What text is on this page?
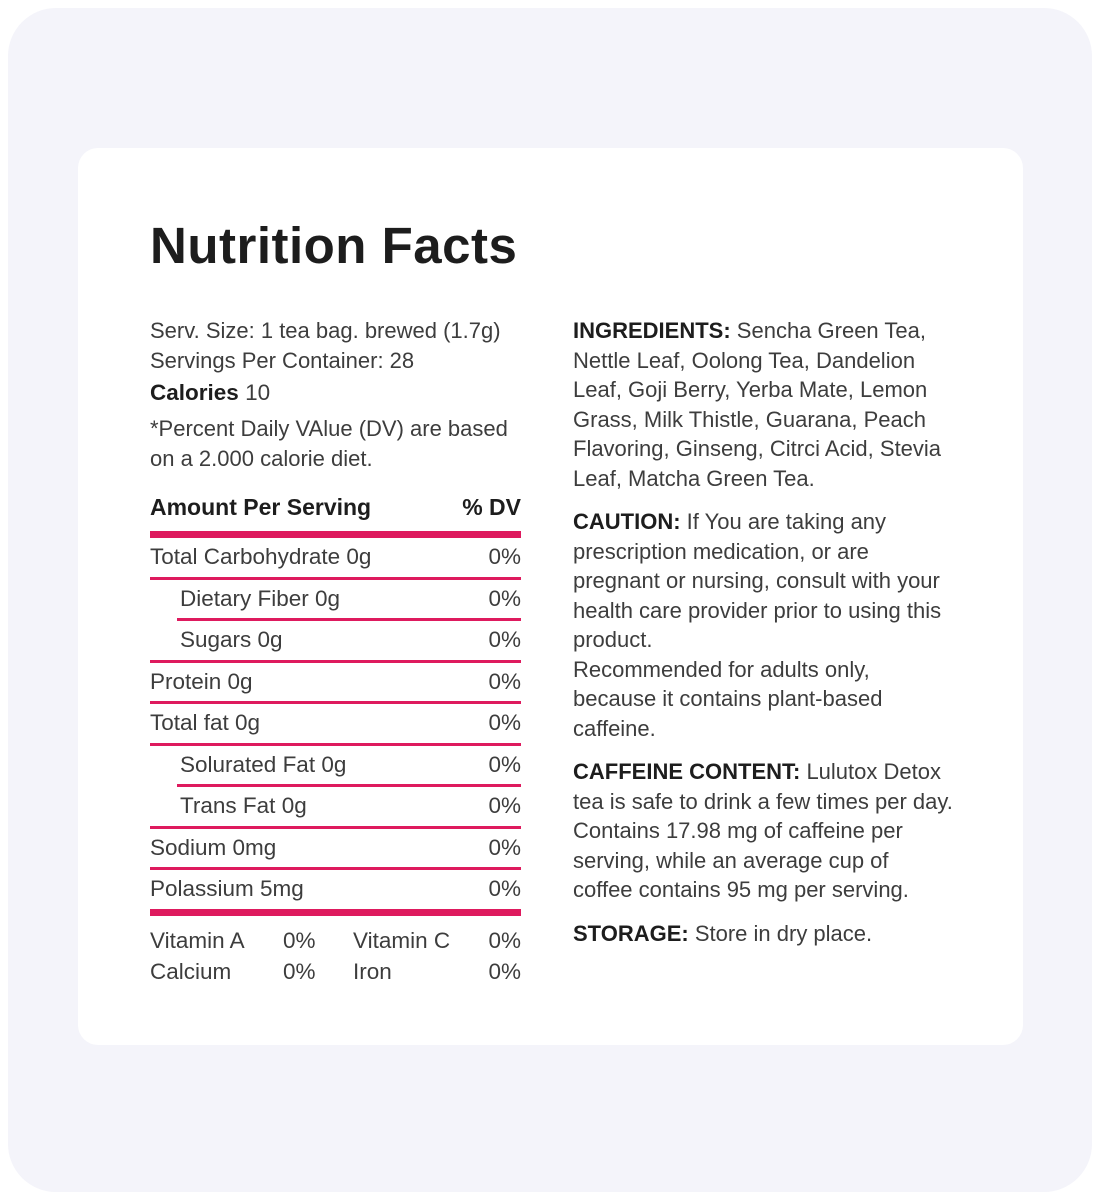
Nutrition Facts
Serv. Size: 1 tea bag. brewed (1.7g)
Servings Per Container: 28
Calories 10
*Percent Daily VAlue (DV) are based on a 2.000 calorie diet.
Amount Per Serving	% DV
Total Carbohydrate 0g	0%
Dietary Fiber 0g	0%
Sugars 0g	0%
Protein 0g	0%
Total fat 0g	0%
Solurated Fat 0g	0%
Trans Fat 0g	0%
Sodium 0mg	0%
Polassium 5mg	0%
Vitamin A	0%	Vitamin C	0%
Calcium	0%	Iron	0%
INGREDIENTS: Sencha Green Tea, Nettle Leaf, Oolong Tea, Dandelion Leaf, Goji Berry, Yerba Mate, Lemon Grass, Milk Thistle, Guarana, Peach Flavoring, Ginseng, Citrci Acid, Stevia Leaf, Matcha Green Tea.
CAUTION: If You are taking any prescription medication, or are pregnant or nursing, consult with your health care provider prior to using this product.
Recommended for adults only, because it contains plant-based caffeine.
CAFFEINE CONTENT: Lulutox Detox tea is safe to drink a few times per day. Contains 17.98 mg of caffeine per serving, while an average cup of coffee contains 95 mg per serving.
STORAGE: Store in dry place.
